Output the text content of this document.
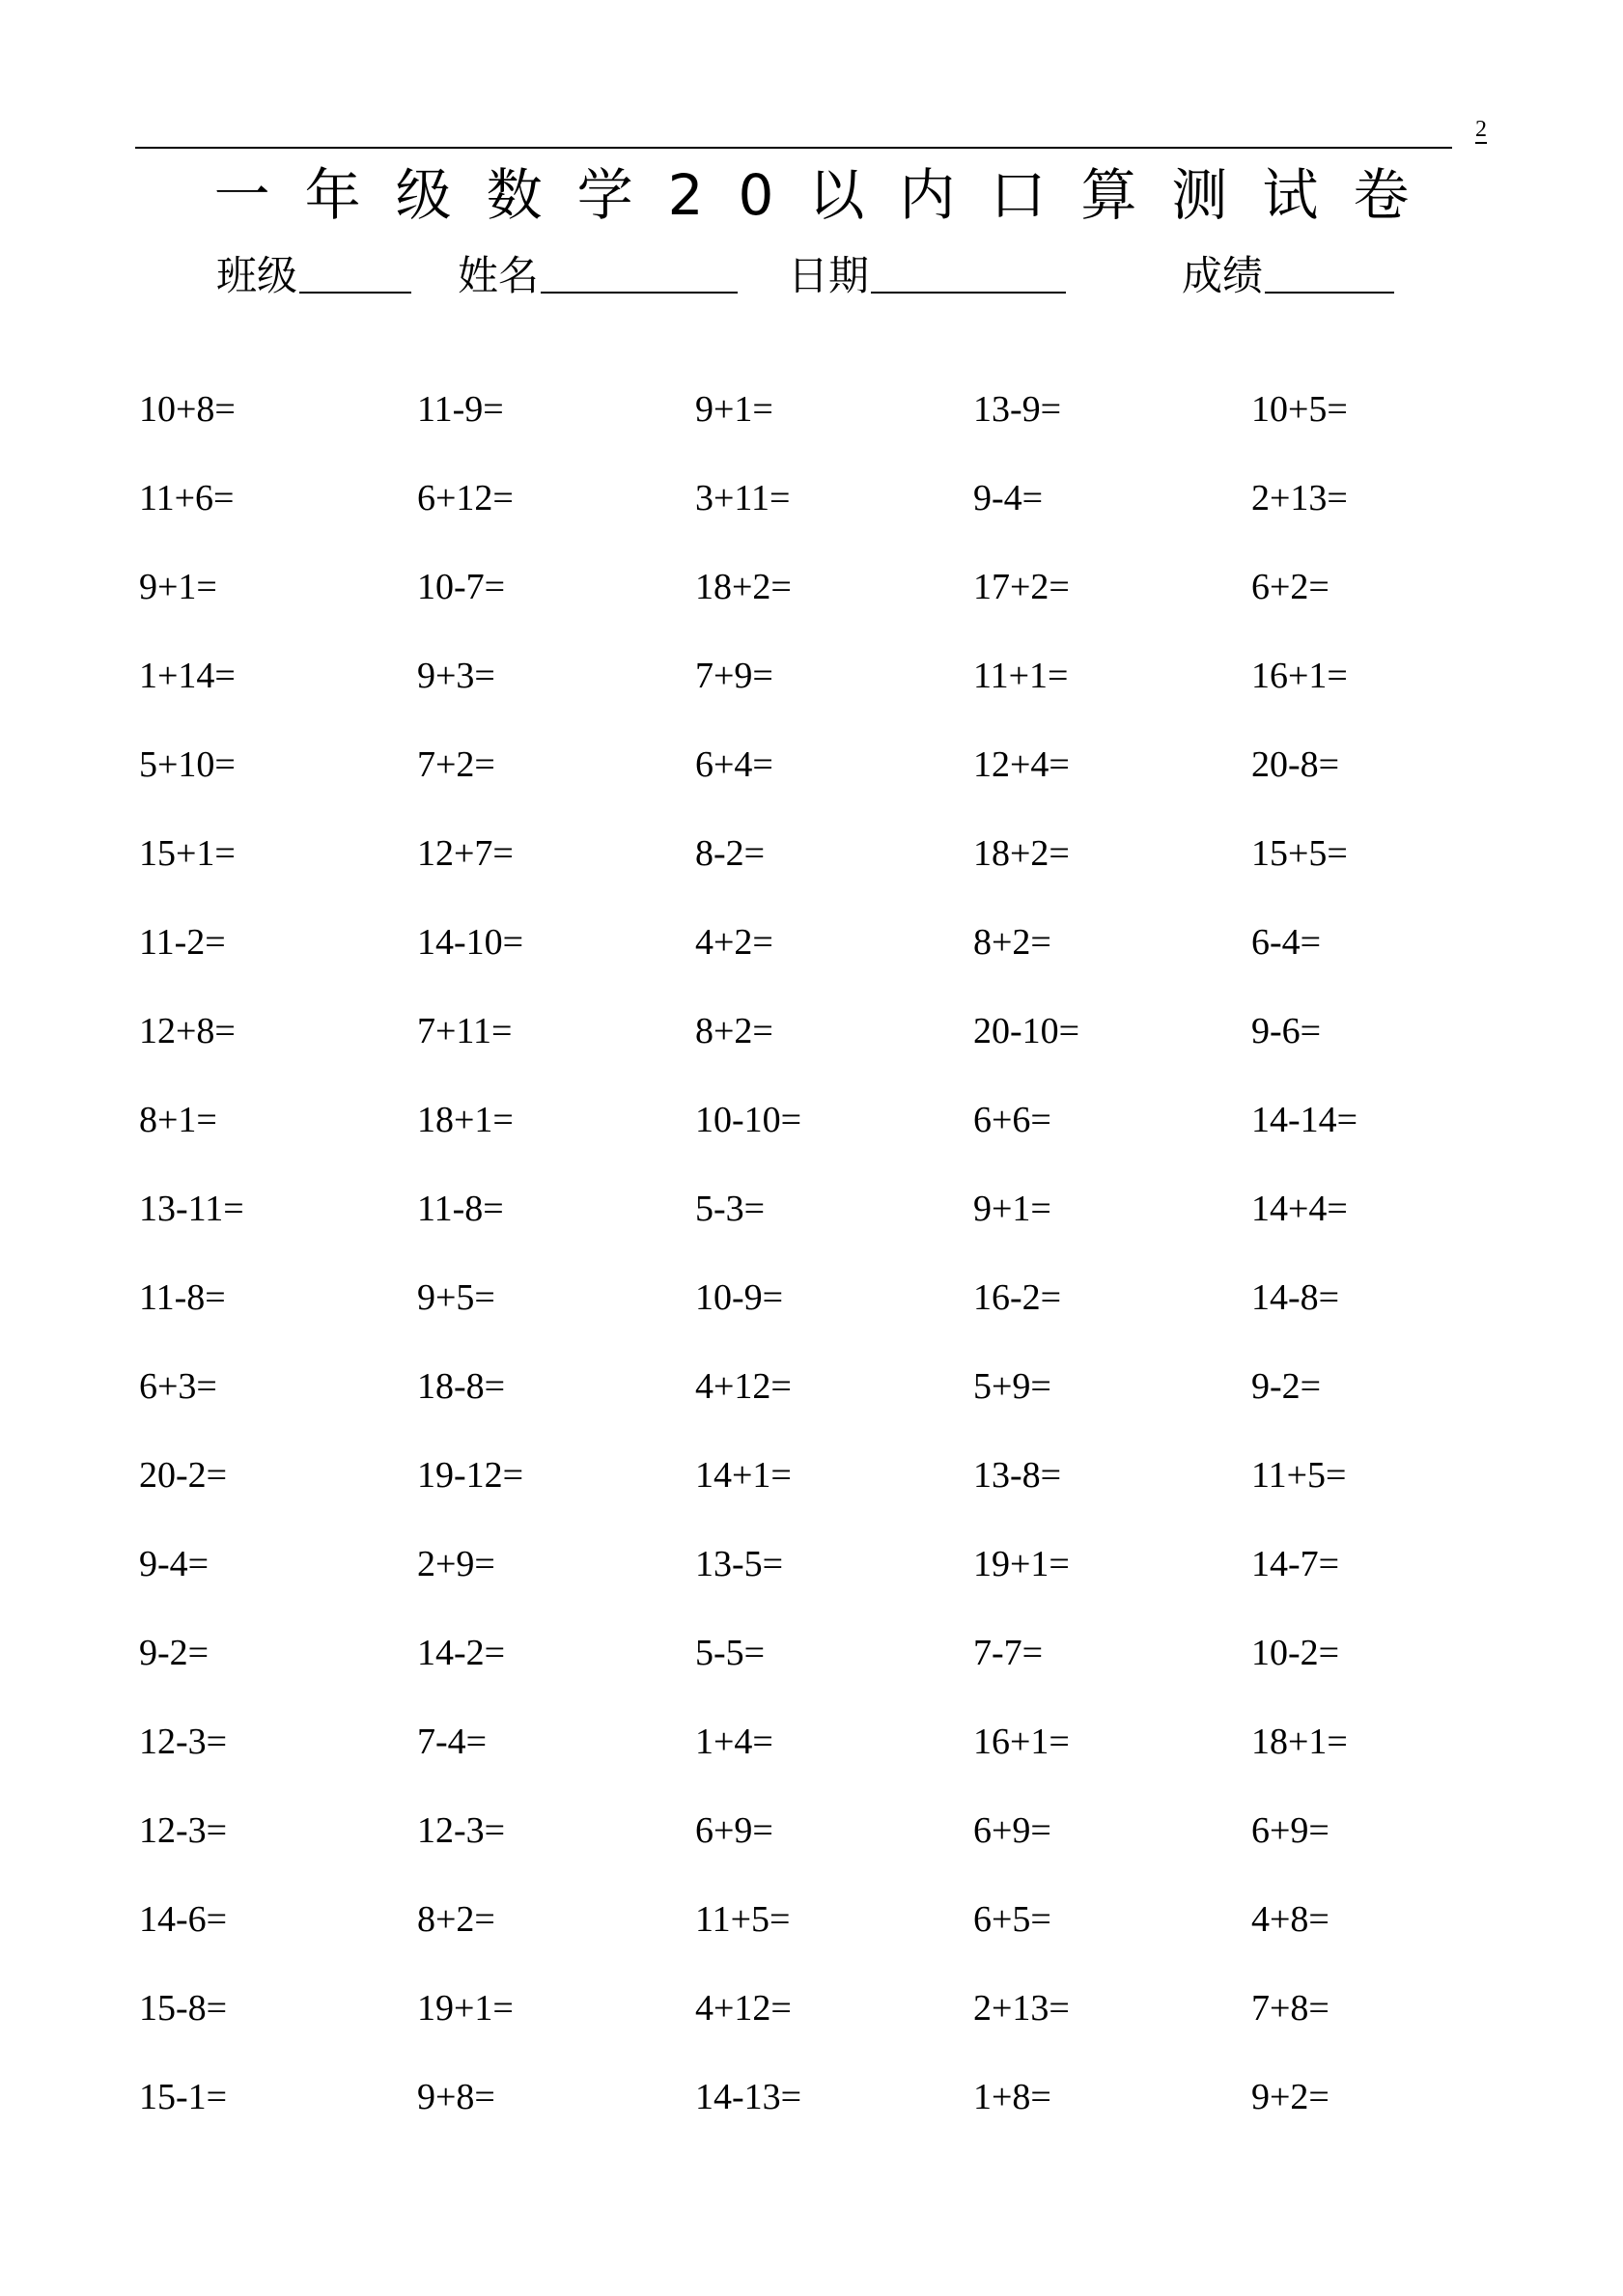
2
一年级数学20以内口算测试卷
班级	姓名	日期	成绩
10+8=	11-9=	9+1=	13-9=	10+5=
11+6=	6+12=	3+11=	9-4=	2+13=
9+1=	10-7=	18+2=	17+2=	6+2=
1+14=	9+3=	7+9=	11+1=	16+1=
5+10=	7+2=	6+4=	12+4=	20-8=
15+1=	12+7=	8-2=	18+2=	15+5=
11-2=	14-10=	4+2=	8+2=	6-4=
12+8=	7+11=	8+2=	20-10=	9-6=
8+1=	18+1=	10-10=	6+6=	14-14=
13-11=	11-8=	5-3=	9+1=	14+4=
11-8=	9+5=	10-9=	16-2=	14-8=
6+3=	18-8=	4+12=	5+9=	9-2=
20-2=	19-12=	14+1=	13-8=	11+5=
9-4=	2+9=	13-5=	19+1=	14-7=
9-2=	14-2=	5-5=	7-7=	10-2=
12-3=	7-4=	1+4=	16+1=	18+1=
12-3=	12-3=	6+9=	6+9=	6+9=
14-6=	8+2=	11+5=	6+5=	4+8=
15-8=	19+1=	4+12=	2+13=	7+8=
15-1=	9+8=	14-13=	1+8=	9+2=
